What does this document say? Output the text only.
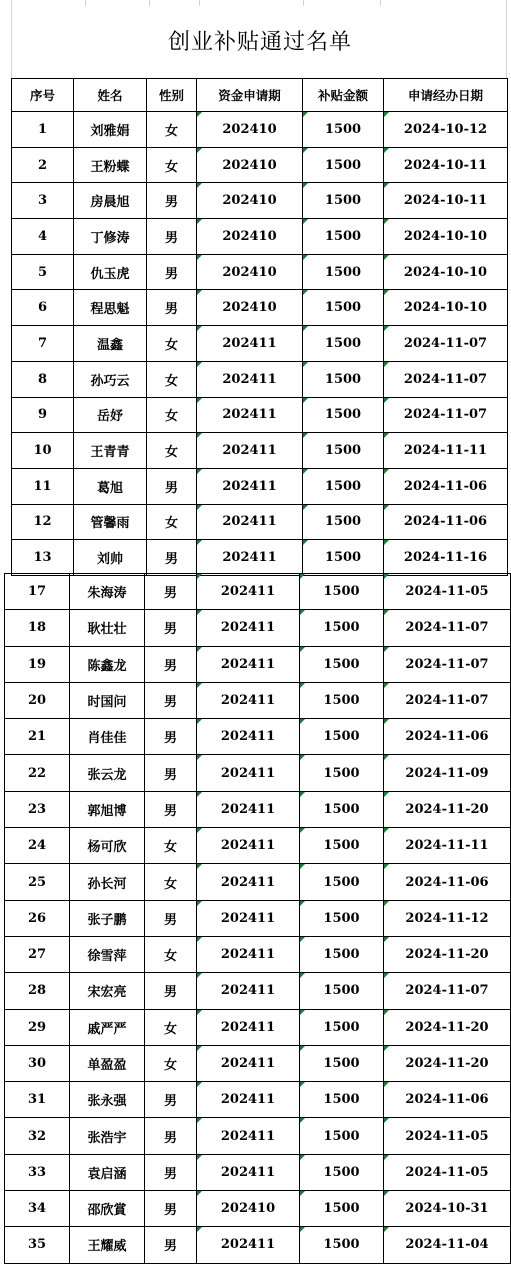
创业补贴通过名单
序号	姓名	性别	资金申请期	补贴金额	申请经办日期
1	刘雅娟	女	202410	1500	2024-10-12
2	王粉蝶	女	202410	1500	2024-10-11
3	房晨旭	男	202410	1500	2024-10-11
4	丁修涛	男	202410	1500	2024-10-10
5	仇玉虎	男	202410	1500	2024-10-10
6	程思魁	男	202410	1500	2024-10-10
7	温鑫	女	202411	1500	2024-11-07
8	孙巧云	女	202411	1500	2024-11-07
9	岳妤	女	202411	1500	2024-11-07
10	王青青	女	202411	1500	2024-11-11
11	葛旭	男	202411	1500	2024-11-06
12	管馨雨	女	202411	1500	2024-11-06
13	刘帅	男	202411	1500	2024-11-16
17	朱海涛	男	202411	1500	2024-11-05
18	耿壮壮	男	202411	1500	2024-11-07
19	陈鑫龙	男	202411	1500	2024-11-07
20	时国问	男	202411	1500	2024-11-07
21	肖佳佳	男	202411	1500	2024-11-06
22	张云龙	男	202411	1500	2024-11-09
23	郭旭博	男	202411	1500	2024-11-20
24	杨可欣	女	202411	1500	2024-11-11
25	孙长河	女	202411	1500	2024-11-06
26	张子鹏	男	202411	1500	2024-11-12
27	徐雪萍	女	202411	1500	2024-11-20
28	宋宏亮	男	202411	1500	2024-11-07
29	戚严严	女	202411	1500	2024-11-20
30	单盈盈	女	202411	1500	2024-11-20
31	张永强	男	202411	1500	2024-11-06
32	张浩宇	男	202411	1500	2024-11-05
33	袁启涵	男	202411	1500	2024-11-05
34	邵欣賞	男	202410	1500	2024-10-31
35	王耀威	男	202411	1500	2024-11-04
